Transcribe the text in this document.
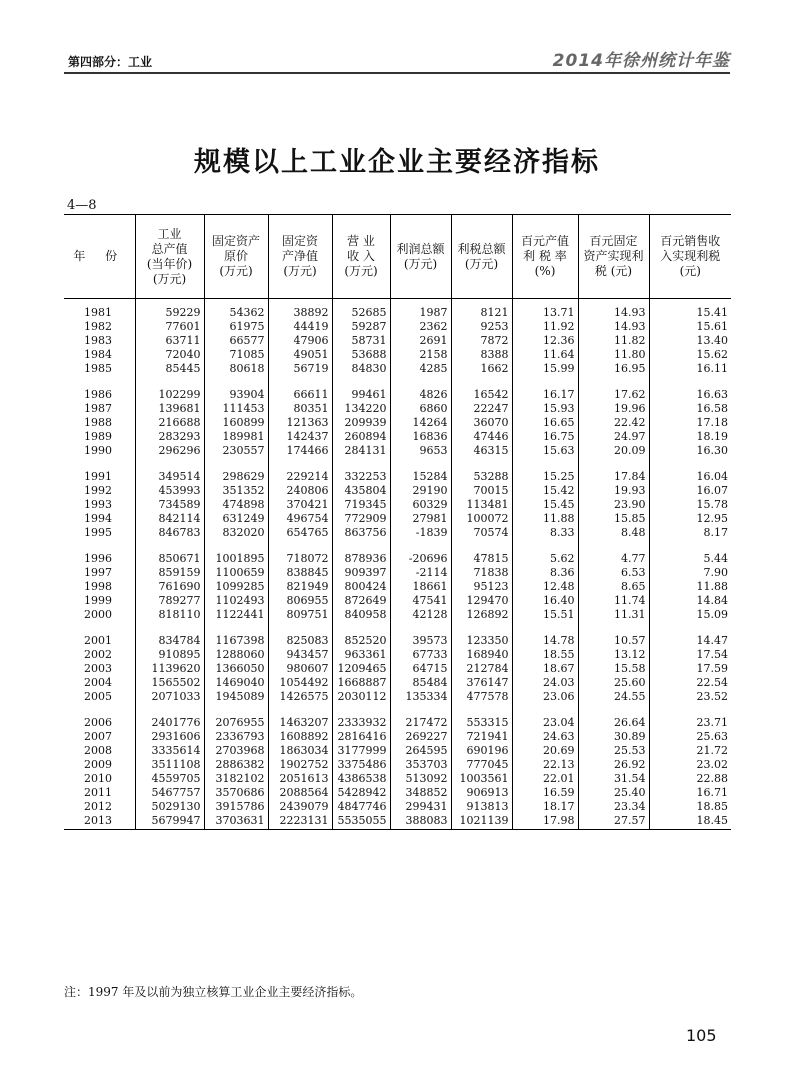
第四部分：工业	2014年徐州统计年鉴
规模以上工业企业主要经济指标
4—8
年 份	工业
总产值
(当年价)
(万元)	固定资产
原价
(万元)	固定资
产净值
(万元)	营 业
收 入
(万元)	利润总额
(万元)	利税总额
(万元)	百元产值
利 税 率
(%)	百元固定
资产实现利
税 (元)	百元销售收
入实现利税
(元)

1981	59229	54362	38892	52685	1987	8121	13.71	14.93	15.41
1982	77601	61975	44419	59287	2362	9253	11.92	14.93	15.61
1983	63711	66577	47906	58731	2691	7872	12.36	11.82	13.40
1984	72040	71085	49051	53688	2158	8388	11.64	11.80	15.62
1985	85445	80618	56719	84830	4285	1662	15.99	16.95	16.11

1986	102299	93904	66611	99461	4826	16542	16.17	17.62	16.63
1987	139681	111453	80351	134220	6860	22247	15.93	19.96	16.58
1988	216688	160899	121363	209939	14264	36070	16.65	22.42	17.18
1989	283293	189981	142437	260894	16836	47446	16.75	24.97	18.19
1990	296296	230557	174466	284131	9653	46315	15.63	20.09	16.30

1991	349514	298629	229214	332253	15284	53288	15.25	17.84	16.04
1992	453993	351352	240806	435804	29190	70015	15.42	19.93	16.07
1993	734589	474898	370421	719345	60329	113481	15.45	23.90	15.78
1994	842114	631249	496754	772909	27981	100072	11.88	15.85	12.95
1995	846783	832020	654765	863756	-1839	70574	8.33	8.48	8.17

1996	850671	1001895	718072	878936	-20696	47815	5.62	4.77	5.44
1997	859159	1100659	838845	909397	-2114	71838	8.36	6.53	7.90
1998	761690	1099285	821949	800424	18661	95123	12.48	8.65	11.88
1999	789277	1102493	806955	872649	47541	129470	16.40	11.74	14.84
2000	818110	1122441	809751	840958	42128	126892	15.51	11.31	15.09

2001	834784	1167398	825083	852520	39573	123350	14.78	10.57	14.47
2002	910895	1288060	943457	963361	67733	168940	18.55	13.12	17.54
2003	1139620	1366050	980607	1209465	64715	212784	18.67	15.58	17.59
2004	1565502	1469040	1054492	1668887	85484	376147	24.03	25.60	22.54
2005	2071033	1945089	1426575	2030112	135334	477578	23.06	24.55	23.52

2006	2401776	2076955	1463207	2333932	217472	553315	23.04	26.64	23.71
2007	2931606	2336793	1608892	2816416	269227	721941	24.63	30.89	25.63
2008	3335614	2703968	1863034	3177999	264595	690196	20.69	25.53	21.72
2009	3511108	2886382	1902752	3375486	353703	777045	22.13	26.92	23.02
2010	4559705	3182102	2051613	4386538	513092	1003561	22.01	31.54	22.88
2011	5467757	3570686	2088564	5428942	348852	906913	16.59	25.40	16.71
2012	5029130	3915786	2439079	4847746	299431	913813	18.17	23.34	18.85
2013	5679947	3703631	2223131	5535055	388083	1021139	17.98	27.57	18.45
注：1997 年及以前为独立核算工业企业主要经济指标。
105
